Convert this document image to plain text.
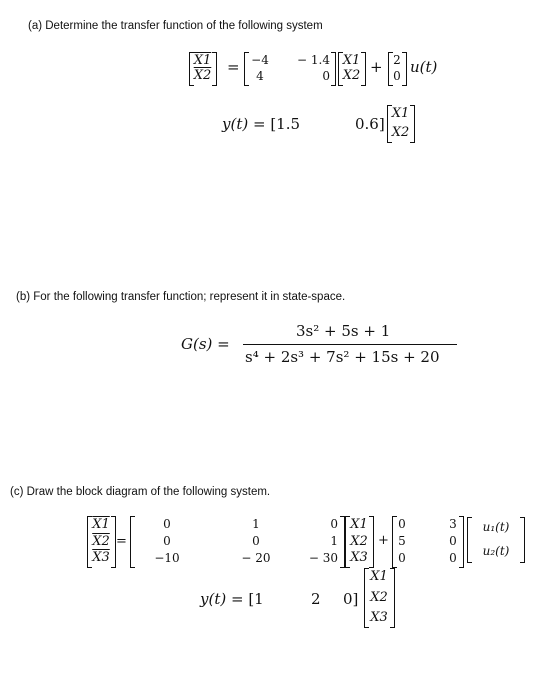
(a) Determine the transfer function of the following system
X1
X2 = −4
4
− 1.4
0
X1
X2 + 2
0 u(t)
y(t) = [1.5	0.6]
X1
X2
(b) For the following transfer function; represent it in state-space.
G(s) =
3s² + 5s + 1
s⁴ + 2s³ + 7s² + 15s + 20
(c) Draw the block diagram of the following system.
X1
X2
X3
=
0
0
−10
1
0
− 20
0
1
− 30
X1
X2
X3
+
0
5
0
3
0
0
u₁(t)
u₂(t)
y(t) = [1	2 0]
X1
X2
X3
